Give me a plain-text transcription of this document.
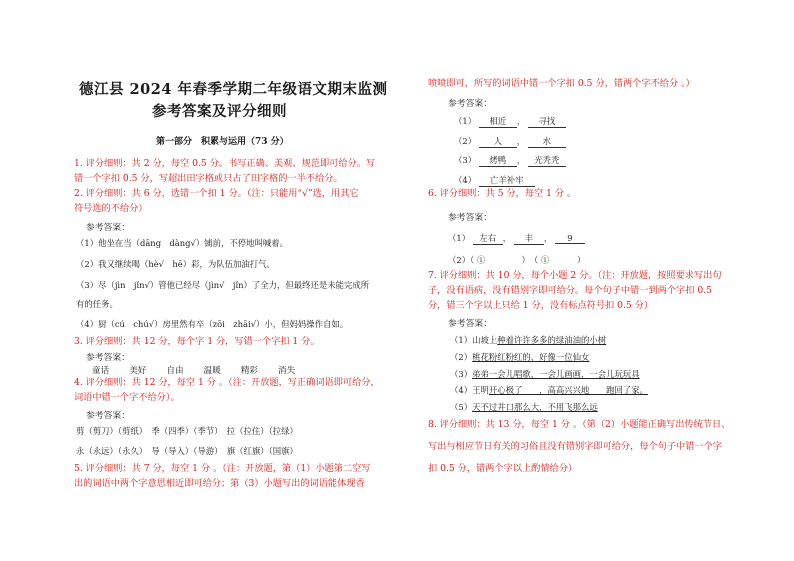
德江县 2024 年春季学期二年级语文期末监测
参考答案及评分细则
第一部分　积累与运用（73 分）
1. 评分细则：共 2 分，每空 0.5 分。书写正确、美观、规范即可给分。写
错一个字扣 0.5 分，写超出田字格或只占了田字格的一半不给分。
2. 评分细则：共 6 分，选错一个扣 1 分。（注：只能用“√”选，用其它
符号选的不给分）
参考答案：
（1）他坐在当（dāng　dàng√）铺前，不停地叫喊着。
（2）我又继续喝（hè√　hē）彩，为队伍加油打气。
（3）尽（jìn　jǐn√）管他已经尽（jìn√　jǐn）了全力，但最终还是未能完成所
有的任务。
（4）厨（cú　chú√）房里然有卒（zōi　zhāi√）小，但妈妈操作自如。
3. 评分细则：共 12 分，每个字 1 分，写错一个字扣 1 分。
参考答案：
童话 美好 自由 温暖 精彩 消失
4. 评分细则：共 12 分，每空 1 分 。（注：开放题，写正确词语即可给分，
词语中错一个字不给分）。
参考答案：
剪（剪刀）（剪纸）　季（四季）（季节）　拉（拉住）（拉绿）
永（永远）（永久）　导（导入）（导游）　旗（红旗）（国旗）
5. 评分细则：共 7 分，每空 1 分 。（注：开放题，第（1）小题第二空写
出的词语中两个字意思相近即可给分；第（3）小题写出的词语能体现香
喷喷即可，所写的词语中错一个字扣 0.5 分，错两个字不给分 。）
参考答案：
（1） 相近 ， 寻找
（2） 人 ， 水
（3） 烤鸭 ， 光秃秃
（4） 亡羊补牢
6. 评分细则：共 5 分，每空 1 分 。
参考答案：
（1） 左右 ， 丰 ， 9
（2）（ ① 　　　　）　（ ① 　　　）
7. 评分细则：共 10 分，每个小题 2 分。（注：开放题，按照要求写出句
子，没有语病，没有错别字即可给分。每个句子中错一到两个字扣 0.5
分，错三个字以上只给 1 分，没有标点符号扣 0.5 分）
参考答案：
（1）山坡上种着许许多多的绿油油的小树
（2）桃花粉红粉红的，好像一位仙女
（3）弟弟一会儿唱歌，一会儿画画，一会儿玩玩具
（4）王明开心极了　　，高高兴兴地　　跑回了家。
（5）天不过井口那么大，不用飞那么远
8. 评分细则：共 13 分，每空 1 分 。（第（2）小题能正确写出传统节日、
写出与相应节日有关的习俗且没有错别字即可给分，每个句子中错一个字
扣 0.5 分，错两个字以上酌情给分）
